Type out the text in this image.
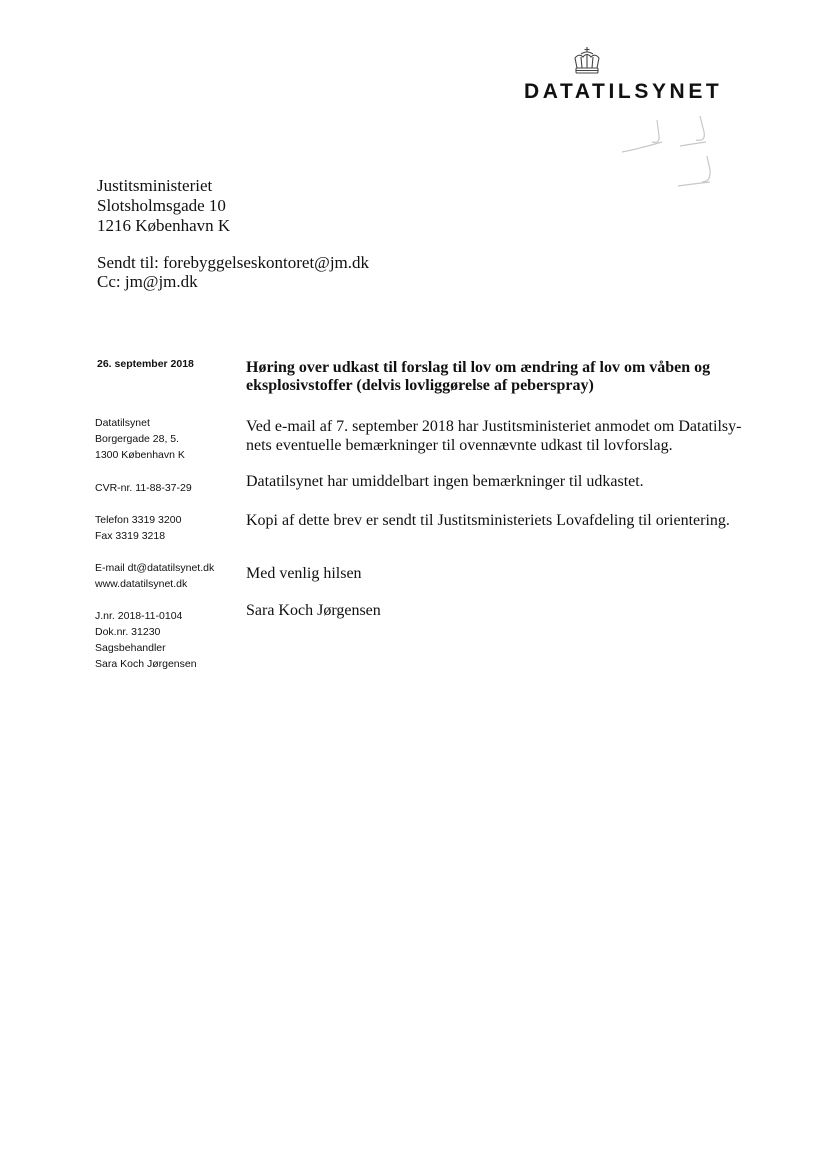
DATATILSYNET
Justitsministeriet
Slotsholmsgade 10
1216 København K
Sendt til: forebyggelseskontoret@jm.dk
Cc: jm@jm.dk
26. september 2018
Datatilsynet
Borgergade 28, 5.
1300 København K
CVR-nr. 11-88-37-29
Telefon 3319 3200
Fax 3319 3218
E-mail dt@datatilsynet.dk
www.datatilsynet.dk
J.nr. 2018-11-0104
Dok.nr. 31230
Sagsbehandler
Sara Koch Jørgensen
Høring over udkast til forslag til lov om ændring af lov om våben og
eksplosivstoffer (delvis lovliggørelse af peberspray)
Ved e-mail af 7. september 2018 har Justitsministeriet anmodet om Datatilsy-
nets eventuelle bemærkninger til ovennævnte udkast til lovforslag.
Datatilsynet har umiddelbart ingen bemærkninger til udkastet.
Kopi af dette brev er sendt til Justitsministeriets Lovafdeling til orientering.
Med venlig hilsen
Sara Koch Jørgensen
